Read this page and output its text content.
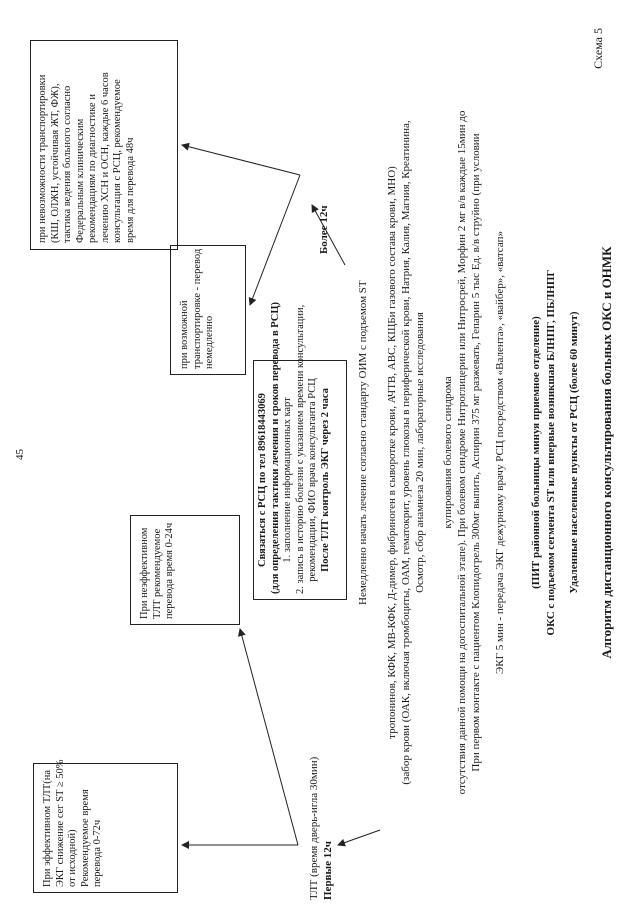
Схема 5
Алгоритм дистанционного консультирования больных ОКС и ОНМК
Удаленные населенные пункты от РСЦ (более 60 минут)
ОКС с подъемом сегмента ST или впервые возникшая БЛНПГ, ПБЛНПГ
(ПИТ районной больницы минуя приемное отделение)
ЭКГ 5 мин - передача ЭКГ дежурному врачу РСЦ посредством «Валента», «вайбер», «ватсап»
При первом контакте с пациентом Клопидогрель 300мг выпить, Аспирин 375 мг разжевать, Гепарин 5 тыс Ед. в/в струйно (при условии
отсутствия данной помощи на догоспитальной этапе). При болевом синдроме Нитроглицерин или Нитросрей, Морфин 2 мг в/в каждые 15мин до
купирования болевого синдрома
Осмотр, сбор анамнеза 20 мин, лабораторные исследования
(забор крови (ОАК, включая тромбоциты, ОАМ, гематокрит, уровень глюкозы в периферической крови, Натрия, Калия, Магния, Креатинина,
тропонинов, КФК, МВ-КФК, Д-димер, фибриноген в сыворотке крови, АЧТВ, АВС, КЩБи газового состава крови, МНО)
Немедленно начать лечение согласно стандарту ОИМ с подъемом ST
Первые 12ч
ТЛТ (время дверь-игла 30мин)
Более 12ч
Связаться с РСЦ по тел 89618443069 (для определения тактики лечения и сроков перевода в РСЦ) 1. заполнение информационных карт 2. запись в историю болезни с указанием времени консультации, рекомендации, ФИО врача консультанта РСЦ После ТЛТ контроль ЭКГ через 2 часа
При эффективном ТЛТ(на ЭКГ снижение сег ST ≥ 50% от исходной) Рекомендуемое время перевода 0-72ч
При неэффективном ТЛТ рекомендуемое перевода время 0-24ч
при возможной транспортировке - перевод немедленно
при невозможности транспортировки (КШ, ОЛЖН, устойчивая ЖТ, ФЖ), тактика ведения больного согласно Федеральным клиническим рекомендациям по диагностике и лечению ХСН и ОСН, каждые 6 часов консультация с РСЦ, рекомендуемое время для перевода 48ч
45
